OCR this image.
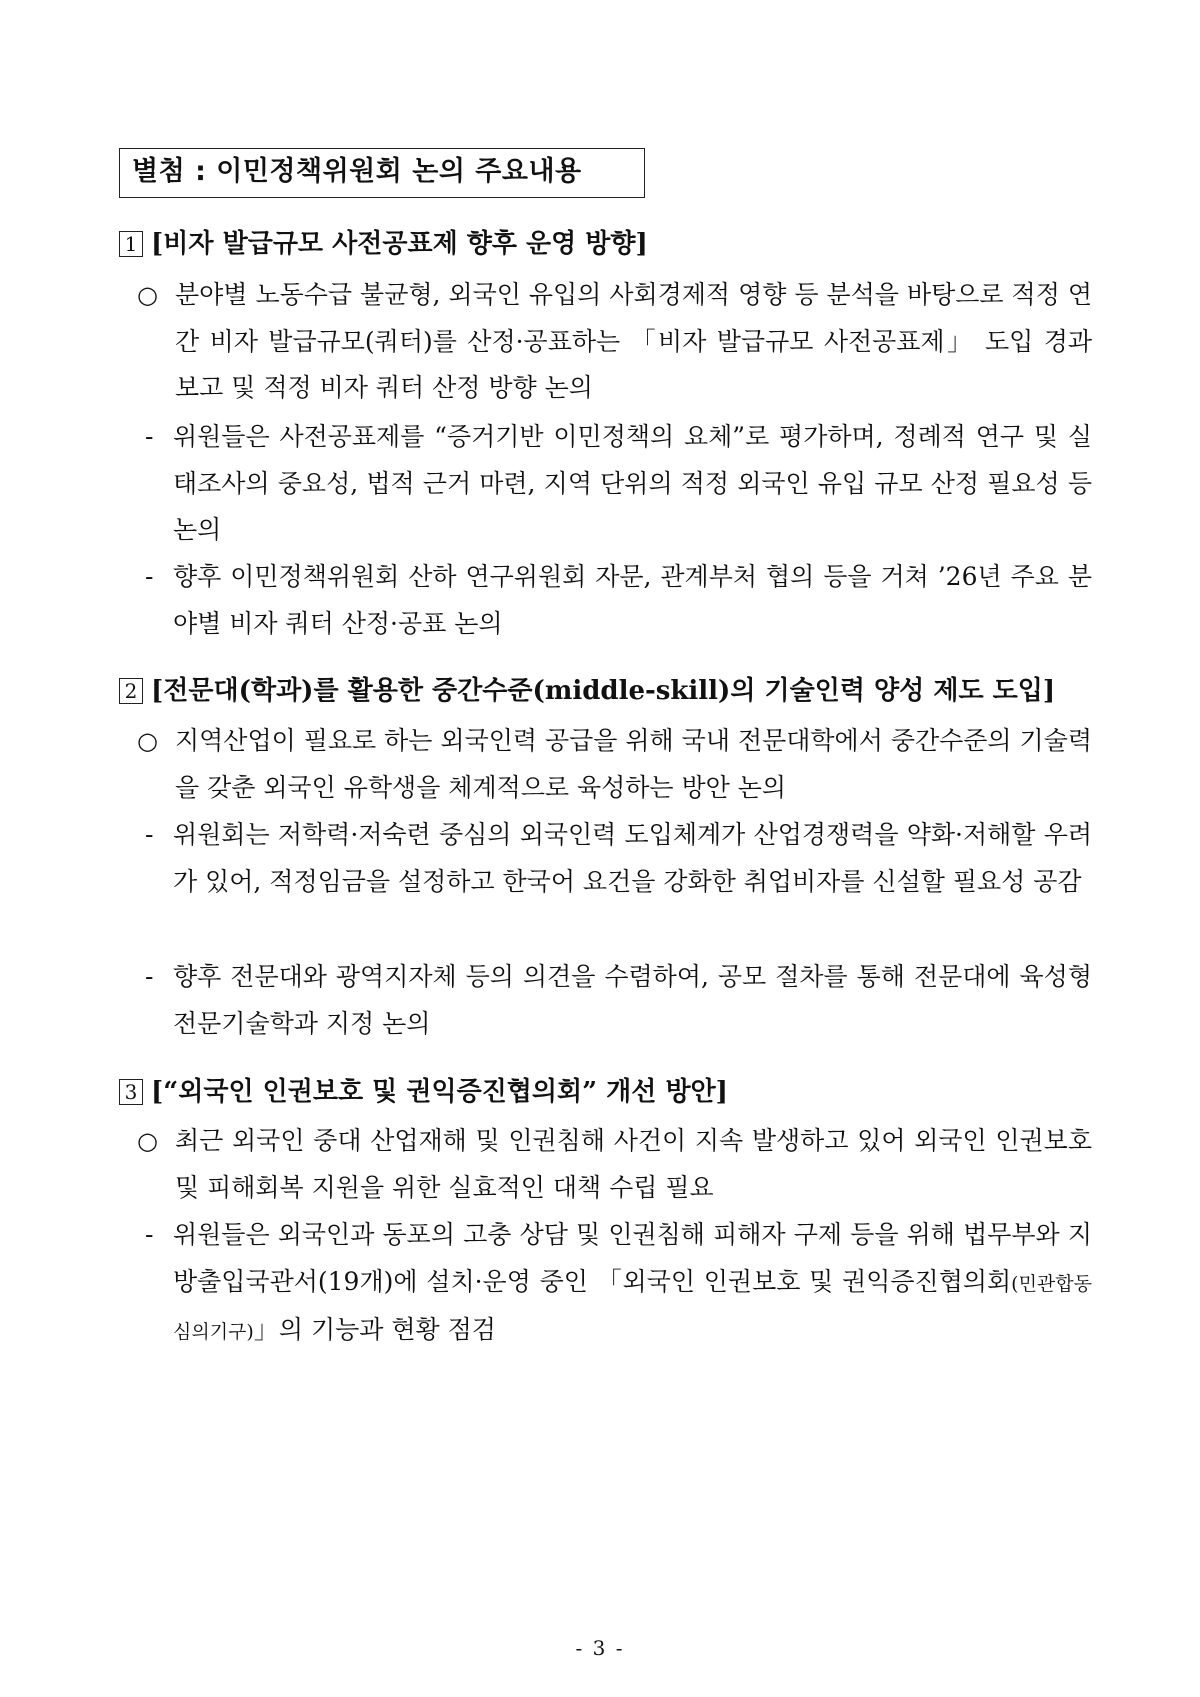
별첨 : 이민정책위원회 논의 주요내용
1 [비자 발급규모 사전공표제 향후 운영 방향]
○ 분야별 노동수급 불균형, 외국인 유입의 사회경제적 영향 등 분석을 바탕으로 적정 연간 비자 발급규모(쿼터)를 산정·공표하는 「비자 발급규모 사전공표제」 도입 경과 보고 및 적정 비자 쿼터 산정 방향 논의
- 위원들은 사전공표제를 “증거기반 이민정책의 요체”로 평가하며, 정례적 연구 및 실태조사의 중요성, 법적 근거 마련, 지역 단위의 적정 외국인 유입 규모 산정 필요성 등 논의
- 향후 이민정책위원회 산하 연구위원회 자문, 관계부처 협의 등을 거쳐 ’26년 주요 분야별 비자 쿼터 산정·공표 논의
2 [전문대(학과)를 활용한 중간수준(middle-skill)의 기술인력 양성 제도 도입]
○ 지역산업이 필요로 하는 외국인력 공급을 위해 국내 전문대학에서 중간수준의 기술력을 갖춘 외국인 유학생을 체계적으로 육성하는 방안 논의
- 위원회는 저학력·저숙련 중심의 외국인력 도입체계가 산업경쟁력을 약화·저해할 우려가 있어, 적정임금을 설정하고 한국어 요건을 강화한 취업비자를 신설할 필요성 공감
- 향후 전문대와 광역지자체 등의 의견을 수렴하여, 공모 절차를 통해 전문대에 육성형 전문기술학과 지정 논의
3 [“외국인 인권보호 및 권익증진협의회” 개선 방안]
○ 최근 외국인 중대 산업재해 및 인권침해 사건이 지속 발생하고 있어 외국인 인권보호 및 피해회복 지원을 위한 실효적인 대책 수립 필요
- 위원들은 외국인과 동포의 고충 상담 및 인권침해 피해자 구제 등을 위해 법무부와 지방출입국관서(19개)에 설치·운영 중인 「외국인 인권보호 및 권익증진협의회(민관합동심의기구)」의 기능과 현황 점검
- 3 -
